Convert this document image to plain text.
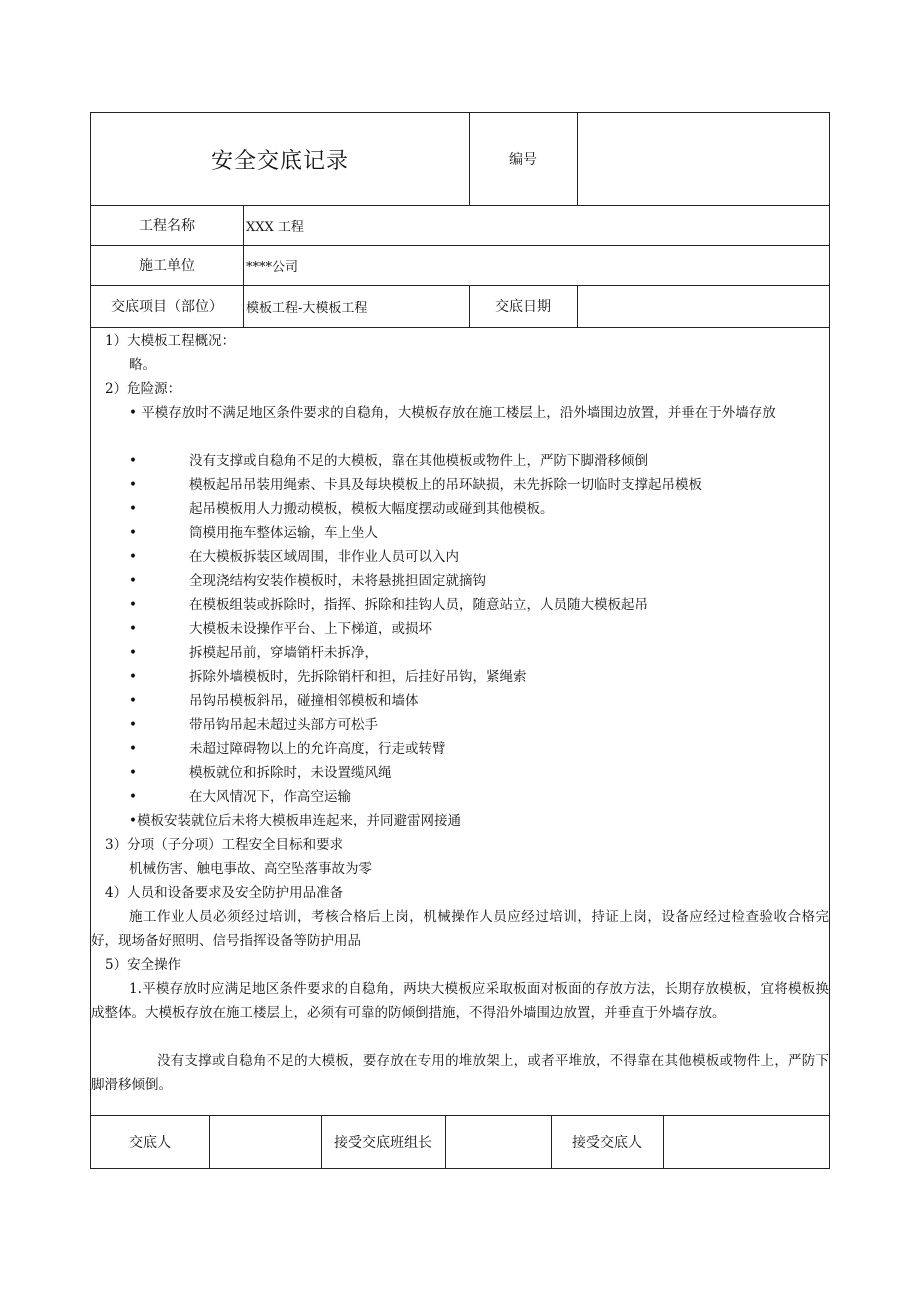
安全交底记录	编号
工程名称	XXX 工程
施工单位	****公司
交底项目（部位）	模板工程-大模板工程	交底日期
1）大模板工程概况：
略。
2）危险源：
• 平模存放时不满足地区条件要求的自稳角，大模板存放在施工楼层上，沿外墙围边放置，并垂在于外墙存放
•	没有支撑或自稳角不足的大模板，靠在其他模板或物件上，严防下脚滑移倾倒
•	模板起吊吊装用绳索、卡具及每块模板上的吊环缺损，未先拆除一切临时支撑起吊模板
•	起吊模板用人力搬动模板，模板大幅度摆动或碰到其他模板。
•	筒模用拖车整体运输，车上坐人
•	在大模板拆装区域周围，非作业人员可以入内
•	全现浇结构安装作模板时，未将悬挑担固定就摘钩
•	在模板组装或拆除时，指挥、拆除和挂钩人员，随意站立，人员随大模板起吊
•	大模板未设操作平台、上下梯道，或损坏
•	拆模起吊前，穿墙销杆未拆净，
•	拆除外墙模板时，先拆除销杆和担，后挂好吊钩，紧绳索
•	吊钩吊模板斜吊，碰撞相邻模板和墙体
•	带吊钩吊起未超过头部方可松手
•	未超过障碍物以上的允许高度，行走或转臂
•	模板就位和拆除时，未设置缆风绳
•	在大风情况下，作高空运输
•模板安装就位后未将大模板串连起来，并同避雷网接通
3）分项（子分项）工程安全目标和要求
机械伤害、触电事故、高空坠落事故为零
4）人员和设备要求及安全防护用品准备
施工作业人员必须经过培训，考核合格后上岗，机械操作人员应经过培训，持证上岗，设备应经过检查验收合格完好，现场备好照明、信号指挥设备等防护用品
5）安全操作
1.平模存放时应满足地区条件要求的自稳角，两块大模板应采取板面对板面的存放方法，长期存放模板，宜将模板换成整体。大模板存放在施工楼层上，必须有可靠的防倾倒措施，不得沿外墙围边放置，并垂直于外墙存放。
没有支撑或自稳角不足的大模板，要存放在专用的堆放架上，或者平堆放，不得靠在其他模板或物件上，严防下脚滑移倾倒。
交底人	接受交底班组长	接受交底人
